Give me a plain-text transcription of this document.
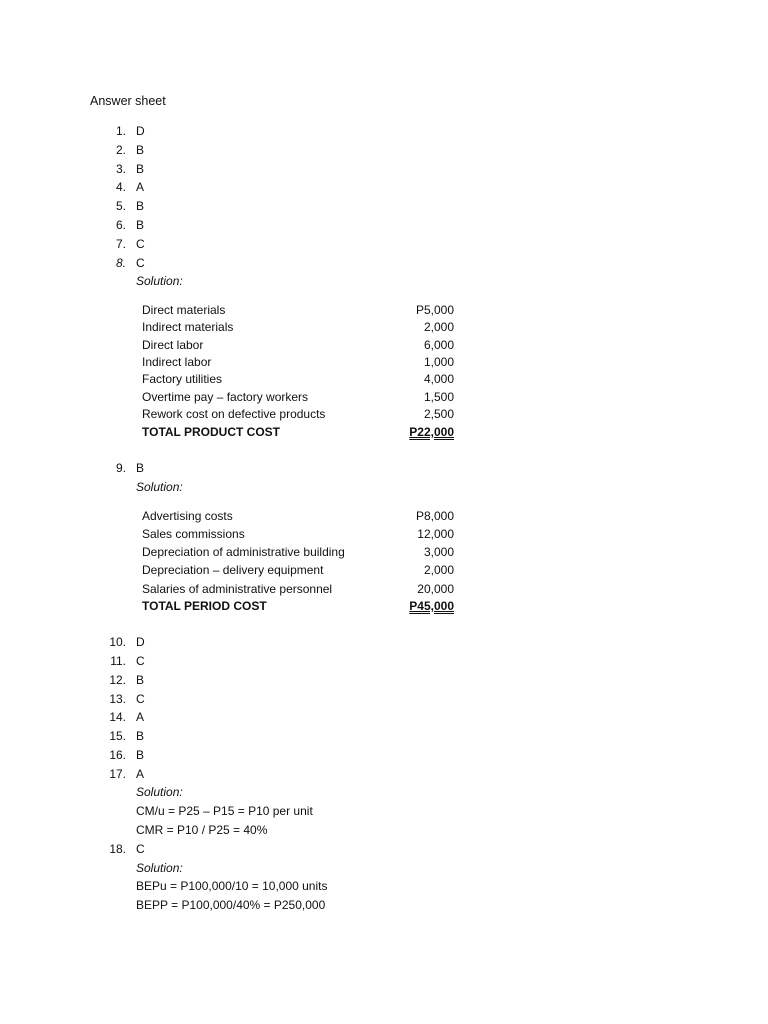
Answer sheet
1. D
2. B
3. B
4. A
5. B
6. B
7. C
8. C
Solution:
Direct materials	P5,000
Indirect materials	2,000
Direct labor	6,000
Indirect labor	1,000
Factory utilities	4,000
Overtime pay – factory workers	1,500
Rework cost on defective products	2,500
TOTAL PRODUCT COST	P22,000
9. B
Solution:
Advertising costs	P8,000
Sales commissions	12,000
Depreciation of administrative building	3,000
Depreciation – delivery equipment	2,000
Salaries of administrative personnel	20,000
TOTAL PERIOD COST	P45,000
10. D
11. C
12. B
13. C
14. A
15. B
16. B
17. A
Solution:
CM/u = P25 – P15 = P10 per unit
CMR = P10 / P25 = 40%
18. C
Solution:
BEPu = P100,000/10 = 10,000 units
BEPP = P100,000/40% = P250,000
